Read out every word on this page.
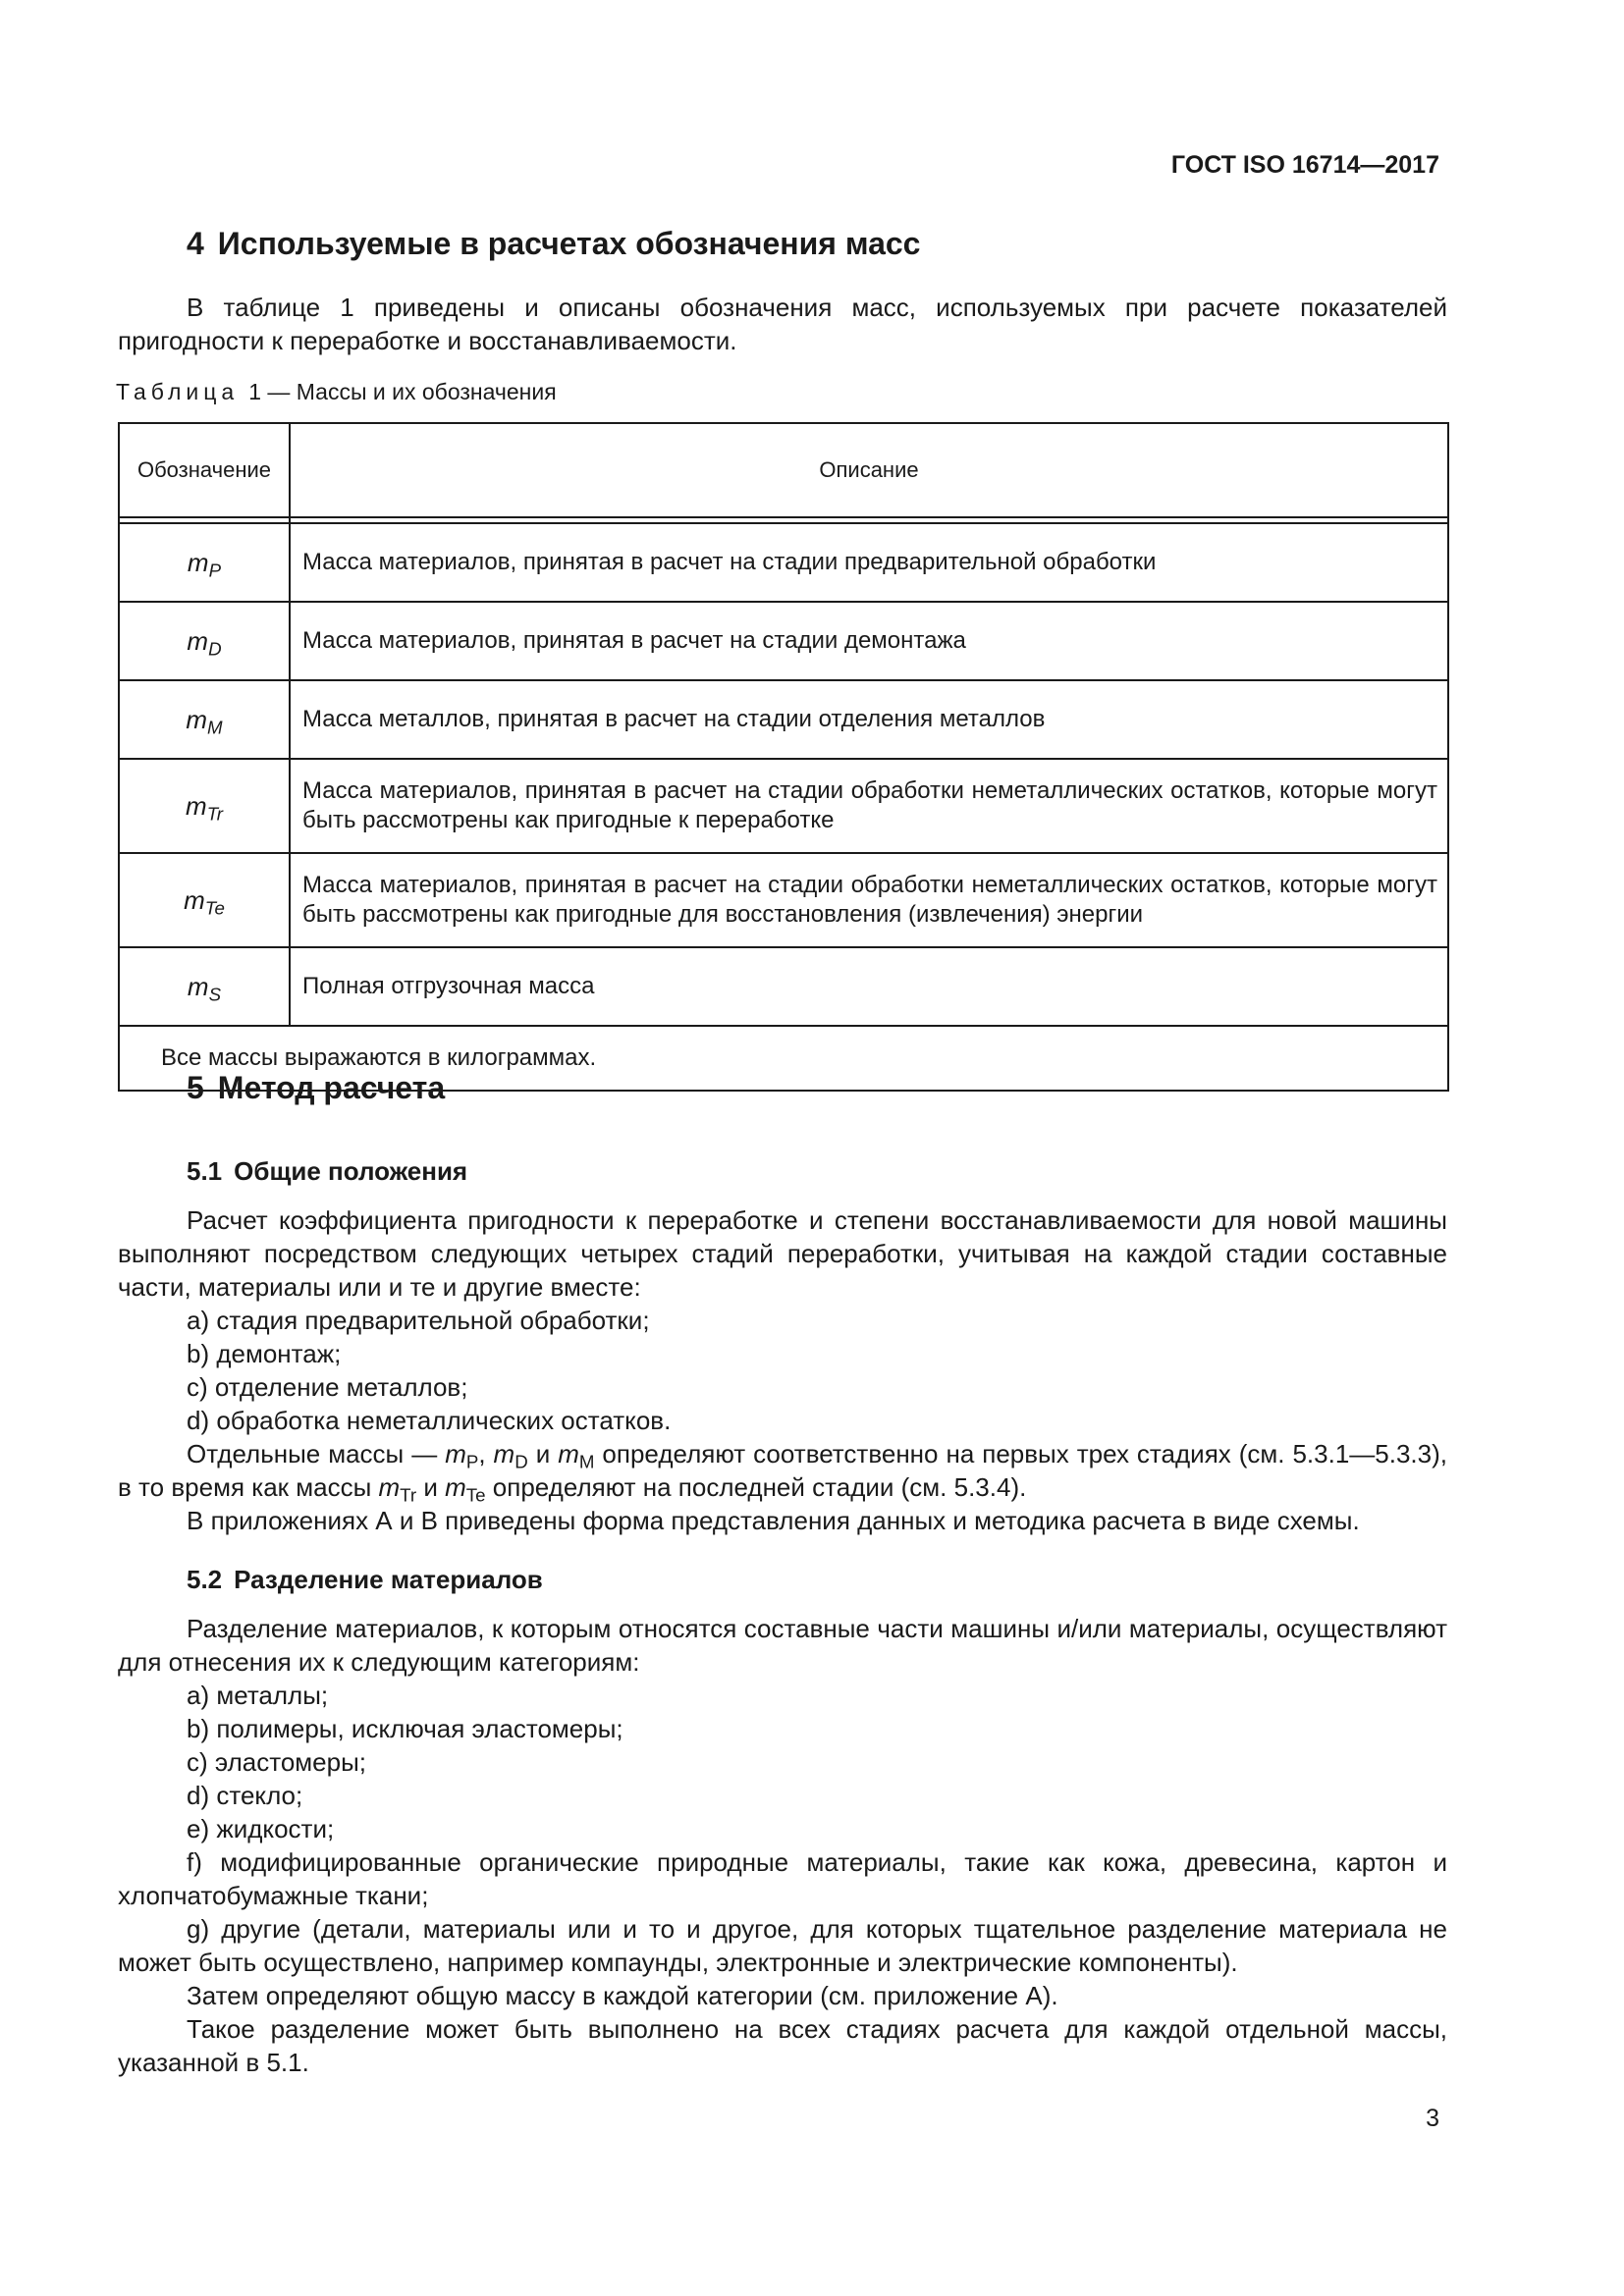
ГОСТ ISO 16714—2017
4 Используемые в расчетах обозначения масс

В таблице 1 приведены и описаны обозначения масс, используемых при расчете показателей пригодности к переработке и восстанавливаемости.

Таблица 1 — Массы и их обозначения
Обозначение	Описание

$m_P$	Масса материалов, принятая в расчет на стадии предварительной обработки
$m_D$	Масса материалов, принятая в расчет на стадии демонтажа
$m_M$	Масса металлов, принятая в расчет на стадии отделения металлов
$m_{Tr}$	Масса материалов, принятая в расчет на стадии обработки неметаллических остатков, которые могут быть рассмотрены как пригодные к переработке
$m_{Te}$	Масса материалов, принятая в расчет на стадии обработки неметаллических остатков, которые могут быть рассмотрены как пригодные для восстановления (извлечения) энергии
$m_S$	Полная отгрузочная масса
Все массы выражаются в килограммах.	
5 Метод расчета
5.1 Общие положения

Расчет коэффициента пригодности к переработке и степени восстанавливаемости для новой машины выполняют посредством следующих четырех стадий переработки, учитывая на каждой стадии составные части, материалы или и те и другие вместе:

a) стадия предварительной обработки;

b) демонтаж;

c) отделение металлов;

d) обработка неметаллических остатков.

Отдельные массы — $m_P$, $m_D$ и $m_M$ определяют соответственно на первых трех стадиях (см. 5.3.1—5.3.3), в то время как массы $m_{Tr}$ и $m_{Te}$ определяют на последней стадии (см. 5.3.4).

В приложениях А и В приведены форма представления данных и методика расчета в виде схемы.

5.2 Разделение материалов

Разделение материалов, к которым относятся составные части машины и/или материалы, осуществляют для отнесения их к следующим категориям:

a) металлы;

b) полимеры, исключая эластомеры;

c) эластомеры;

d) стекло;

e) жидкости;

f) модифицированные органические природные материалы, такие как кожа, древесина, картон и хлопчатобумажные ткани;

g) другие (детали, материалы или и то и другое, для которых тщательное разделение материала не может быть осуществлено, например компаунды, электронные и электрические компоненты).

Затем определяют общую массу в каждой категории (см. приложение А).

Такое разделение может быть выполнено на всех стадиях расчета для каждой отдельной массы, указанной в 5.1.

3
